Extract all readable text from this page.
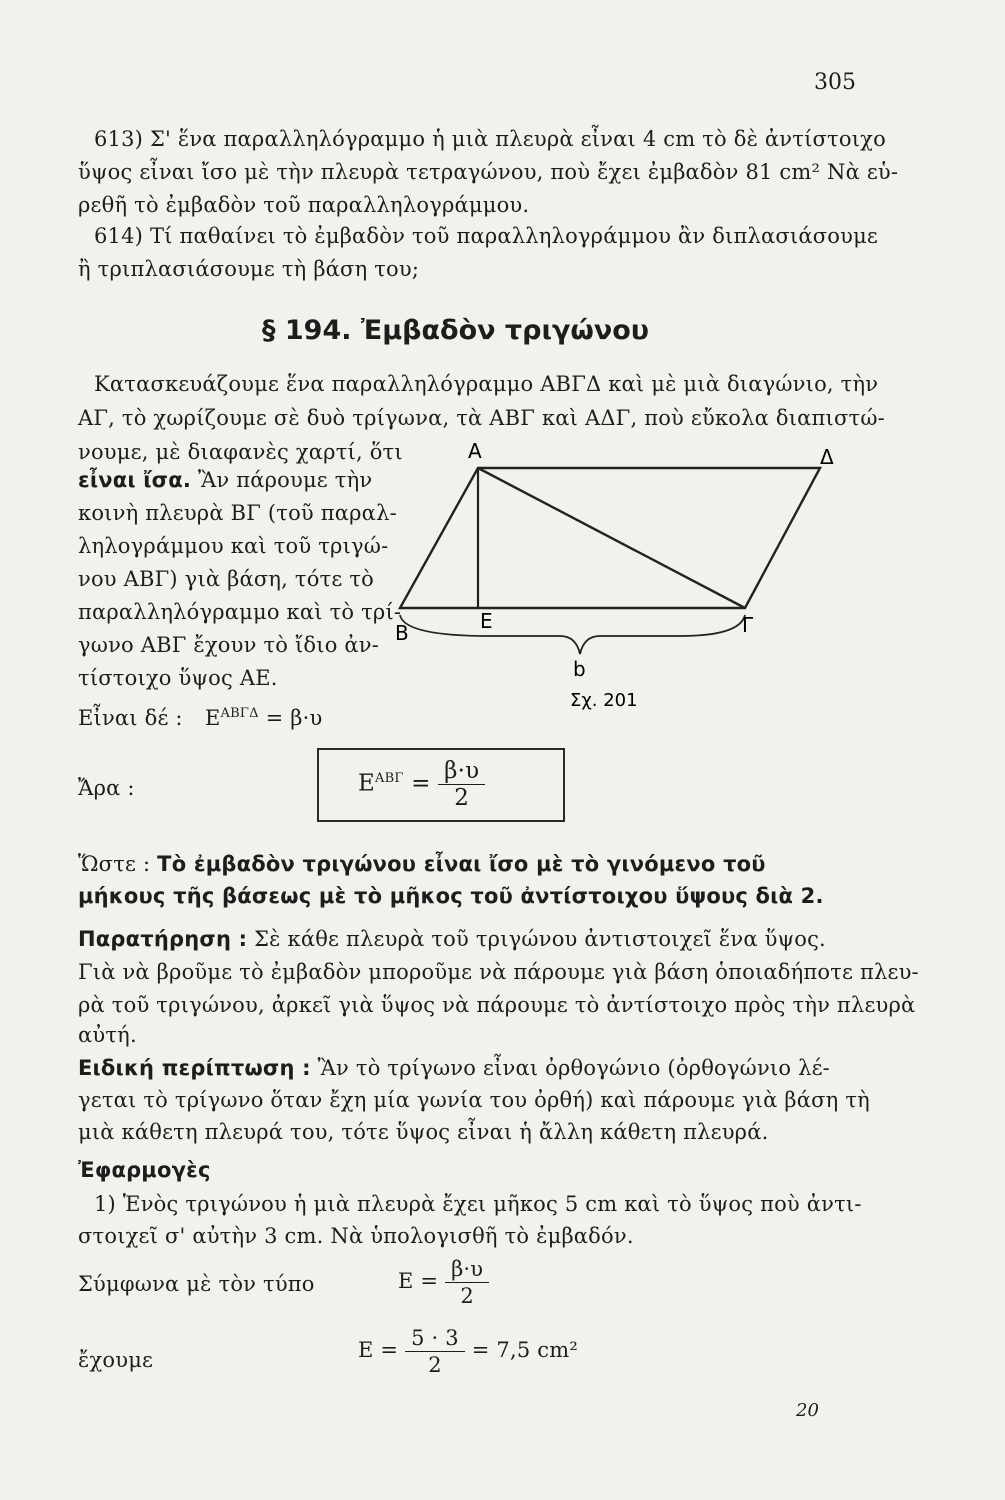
305
613) Σ' ἕνα παραλληλόγραμμο ἡ μιὰ πλευρὰ εἶναι 4 cm τὸ δὲ ἀντίστοιχο
ὕψος εἶναι ἴσο μὲ τὴν πλευρὰ τετραγώνου, ποὺ ἔχει ἐμβαδὸν 81 cm² Νὰ εὑ-
ρεθῆ τὸ ἐμβαδὸν τοῦ παραλληλογράμμου.
614) Τί παθαίνει τὸ ἐμβαδὸν τοῦ παραλληλογράμμου ἂν διπλασιάσουμε
ἢ τριπλασιάσουμε τὴ βάση του;
§ 194. Ἐμβαδὸν τριγώνου
Κατασκευάζουμε ἕνα παραλληλόγραμμο ΑΒΓΔ καὶ μὲ μιὰ διαγώνιο, τὴν
ΑΓ, τὸ χωρίζουμε σὲ δυὸ τρίγωνα, τὰ ΑΒΓ καὶ ΑΔΓ, ποὺ εὔκολα διαπιστώ-
νουμε, μὲ διαφανὲς χαρτί, ὅτι
εἶναι ἴσα. Ἂν πάρουμε τὴν
κοινὴ πλευρὰ ΒΓ (τοῦ παραλ-
ληλογράμμου καὶ τοῦ τριγώ-
νου ΑΒΓ) γιὰ βάση, τότε τὸ
παραλληλόγραμμο καὶ τὸ τρί-
γωνο ΑΒΓ ἔχουν τὸ ἴδιο ἀν-
τίστοιχο ὕψος ΑΕ.
Α	Δ
Β	Ε	Γ
b
Σχ. 201
Εἶναι δέ : $E^{AB\Gamma\Delta} = \beta\cdot\upsilon$
Ἄρα :	$E^{AB\Gamma} = \frac{\beta\cdot\upsilon}{2}$
Ὥστε : Τὸ ἐμβαδὸν τριγώνου εἶναι ἴσο μὲ τὸ γινόμενο τοῦ
μήκους τῆς βάσεως μὲ τὸ μῆκος τοῦ ἀντίστοιχου ὕψους διὰ 2.
Παρατήρηση : Σὲ κάθε πλευρὰ τοῦ τριγώνου ἀντιστοιχεῖ ἕνα ὕψος.
Γιὰ νὰ βροῦμε τὸ ἐμβαδὸν μποροῦμε νὰ πάρουμε γιὰ βάση ὁποιαδήποτε πλευ-
ρὰ τοῦ τριγώνου, ἀρκεῖ γιὰ ὕψος νὰ πάρουμε τὸ ἀντίστοιχο πρὸς τὴν πλευρὰ
αὐτή.
Ειδική περίπτωση : Ἂν τὸ τρίγωνο εἶναι ὀρθογώνιο (ὀρθογώνιο λέ-
γεται τὸ τρίγωνο ὅταν ἔχη μία γωνία του ὀρθή) καὶ πάρουμε γιὰ βάση τὴ
μιὰ κάθετη πλευρά του, τότε ὕψος εἶναι ἡ ἄλλη κάθετη πλευρά.
Ἐφαρμογὲς
1) Ἑνὸς τριγώνου ἡ μιὰ πλευρὰ ἔχει μῆκος 5 cm καὶ τὸ ὕψος ποὺ ἀντι-
στοιχεῖ σ' αὐτὴν 3 cm. Νὰ ὑπολογισθῆ τὸ ἐμβαδόν.
Σύμφωνα μὲ τὸν τύπο	$E = \frac{\beta\cdot\upsilon}{2}$
ἔχουμε	$E = \frac{5 \cdot 3}{2} = 7,5$ cm²
20
